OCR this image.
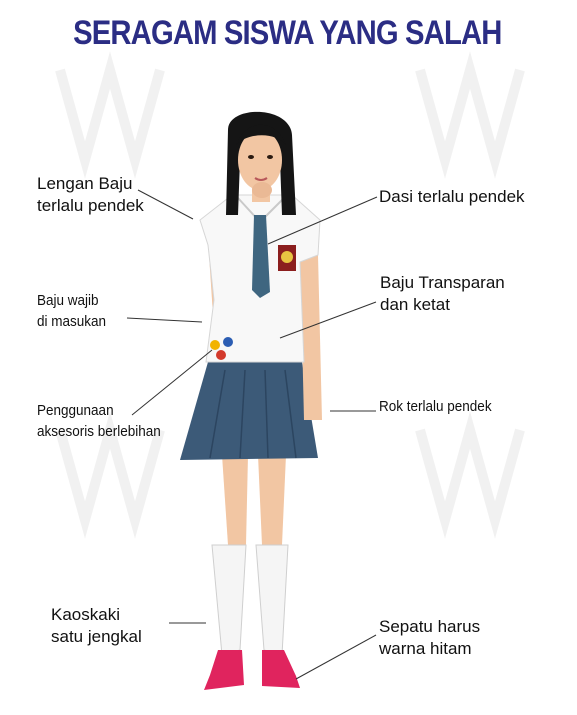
SERAGAM SISWA YANG SALAH
Lengan Baju
terlalu pendek	Dasi terlalu pendek
Baju wajib
di masukan
Baju Transparan
dan ketat
Penggunaan
aksesoris berlebihan
Rok terlalu pendek
Kaoskaki
satu jengkal
Sepatu harus
warna hitam
